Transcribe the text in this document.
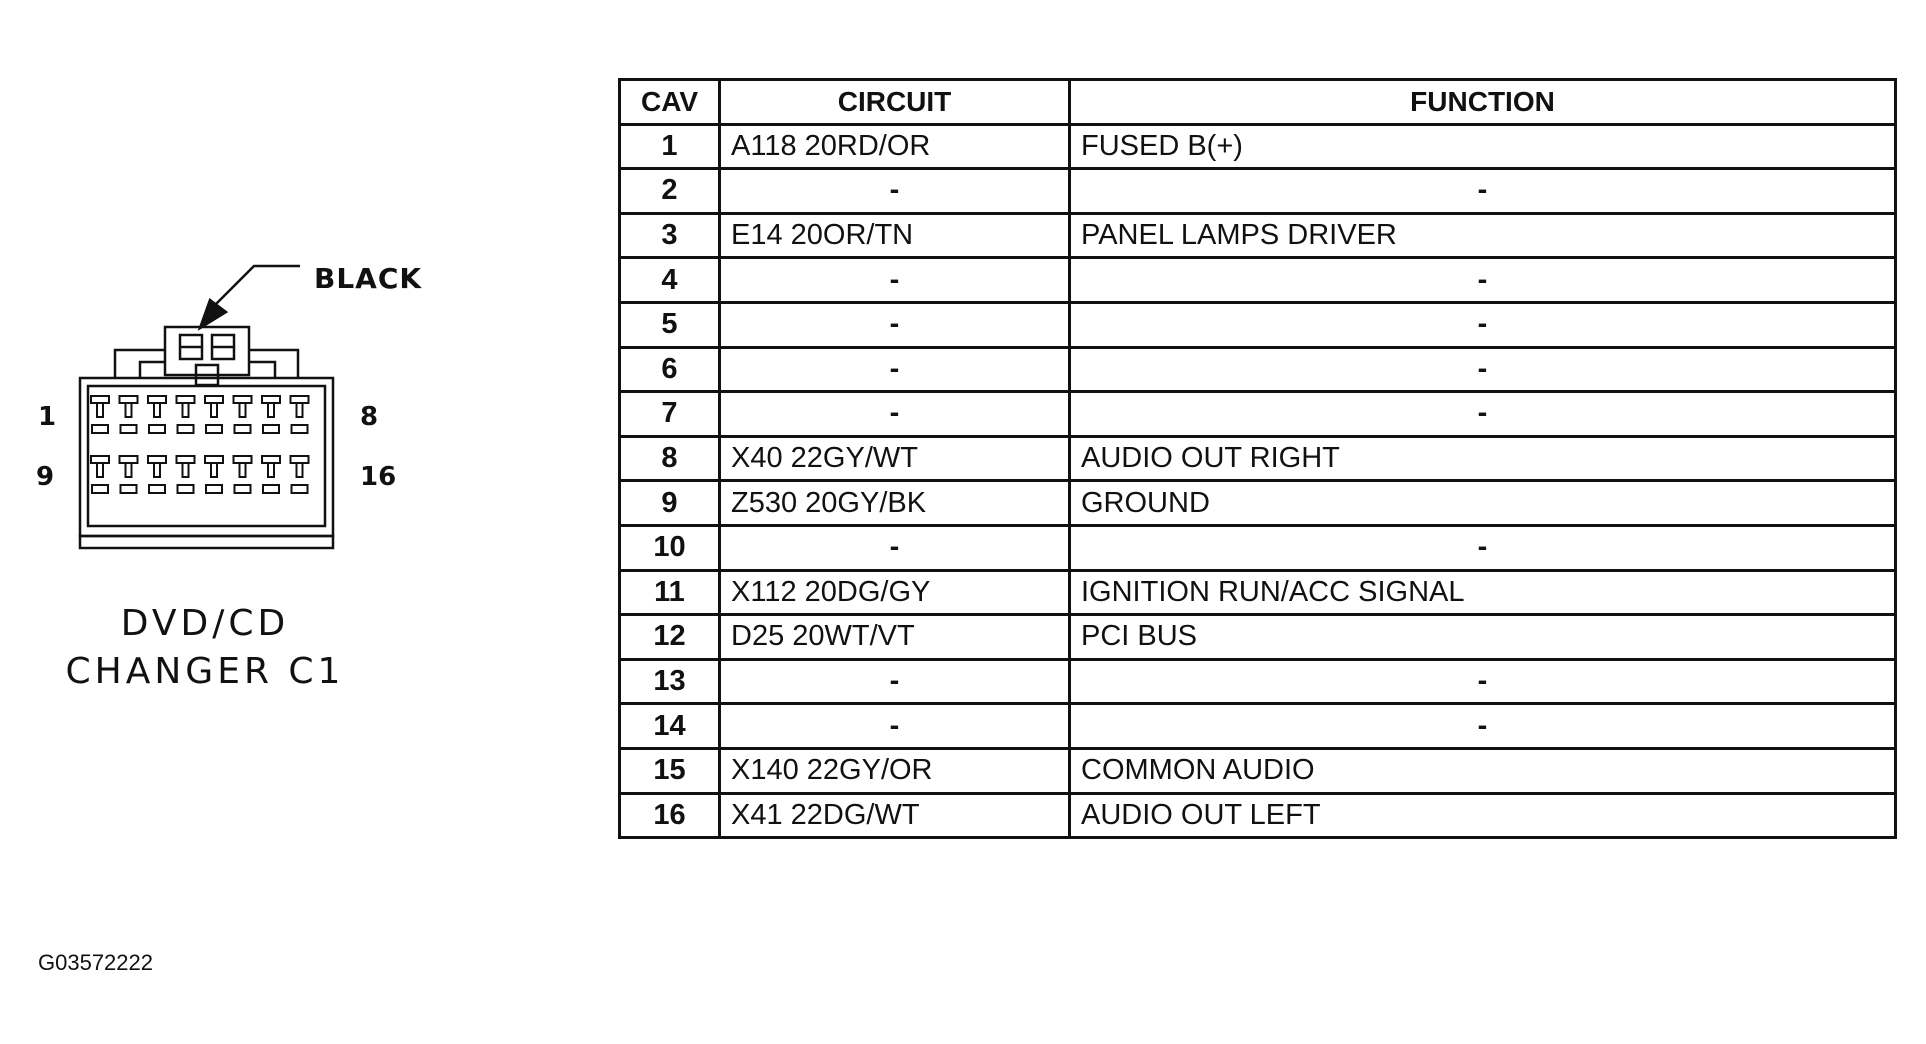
1	8
9	16
BLACK
DVD/CD
CHANGER C1
CAV	CIRCUIT	FUNCTION
1	A118 20RD/OR	FUSED B(+)
2	-	-
3	E14 20OR/TN	PANEL LAMPS DRIVER
4	-	-
5	-	-
6	-	-
7	-	-
8	X40 22GY/WT	AUDIO OUT RIGHT
9	Z530 20GY/BK	GROUND
10	-	-
11	X112 20DG/GY	IGNITION RUN/ACC SIGNAL
12	D25 20WT/VT	PCI BUS
13	-	-
14	-	-
15	X140 22GY/OR	COMMON AUDIO
16	X41 22DG/WT	AUDIO OUT LEFT
G03572222
